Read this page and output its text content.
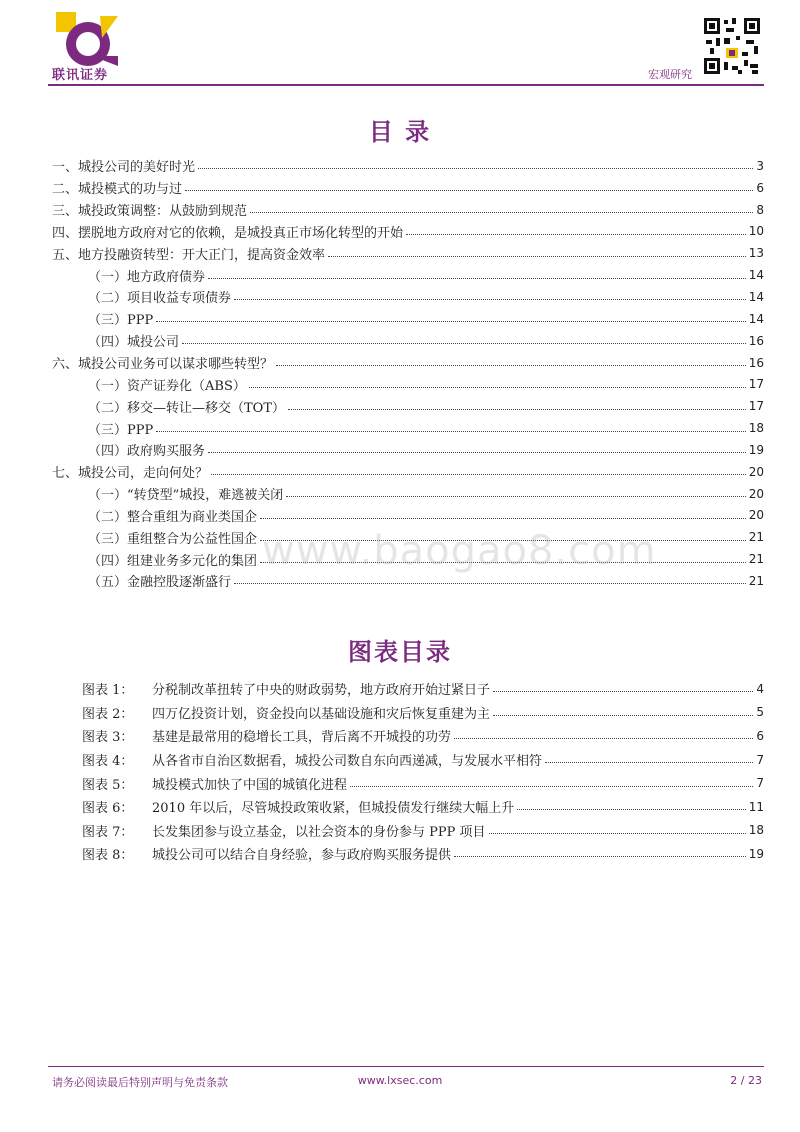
联讯证券	宏观研究
目 录
一、城投公司的美好时光	3
二、城投模式的功与过	6
三、城投政策调整：从鼓励到规范	8
四、摆脱地方政府对它的依赖，是城投真正市场化转型的开始	10
五、地方投融资转型：开大正门，提高资金效率	13
（一）地方政府债券	14
（二）项目收益专项债券	14
（三）PPP	14
（四）城投公司	16
六、城投公司业务可以谋求哪些转型？	16
（一）资产证券化（ABS）	17
（二）移交—转让—移交（TOT）	17
（三）PPP	18
（四）政府购买服务	19
七、城投公司，走向何处？	20
（一）“转贷型”城投，难逃被关闭	20
（二）整合重组为商业类国企	20
（三）重组整合为公益性国企	21
（四）组建业务多元化的集团	21
（五）金融控股逐渐盛行	21
图表目录
图表 1：	分税制改革扭转了中央的财政弱势，地方政府开始过紧日子	4
图表 2：	四万亿投资计划，资金投向以基础设施和灾后恢复重建为主	5
图表 3：	基建是最常用的稳增长工具，背后离不开城投的功劳	6
图表 4：	从各省市自治区数据看，城投公司数自东向西递减，与发展水平相符	7
图表 5：	城投模式加快了中国的城镇化进程	7
图表 6：	2010 年以后，尽管城投政策收紧，但城投债发行继续大幅上升	11
图表 7：	长发集团参与设立基金，以社会资本的身份参与 PPP 项目	18
图表 8：	城投公司可以结合自身经验，参与政府购买服务提供	19
www.baogao8.com
请务必阅读最后特别声明与免责条款	www.lxsec.com	2 / 23
